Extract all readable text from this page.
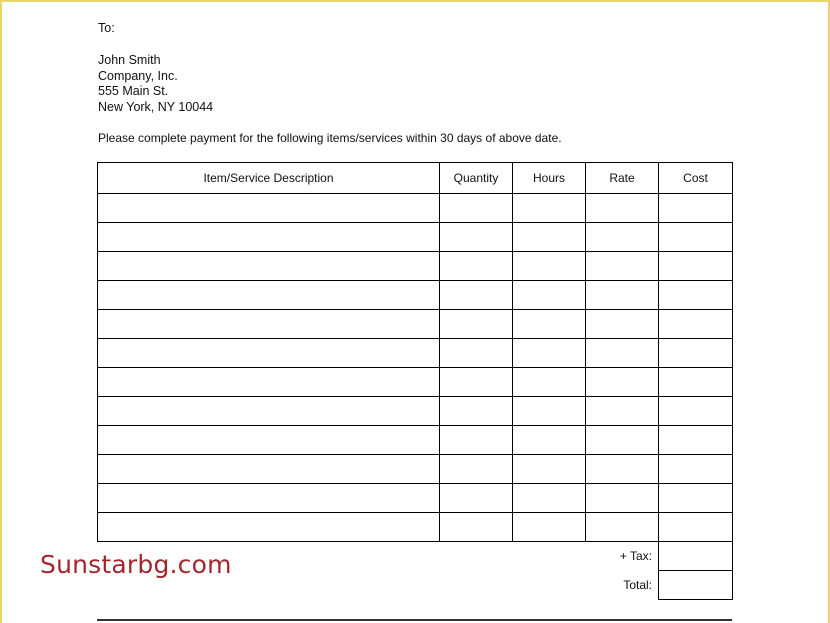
To:
John Smith
Company, Inc.
555 Main St.
New York, NY 10044
Please complete payment for the following items/services within 30 days of above date.
Item/Service Description	Quantity	Hours	Rate	Cost

			+ Tax:	
			Total:	
Sunstarbg.com
